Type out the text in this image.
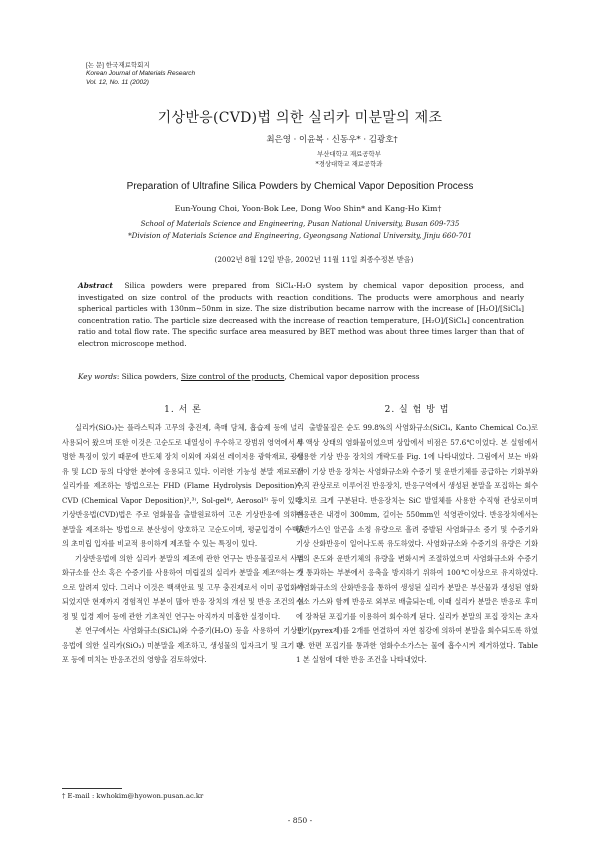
[논 문] 한국재료학회지
Korean Journal of Materials Research
Vol. 12, No. 11 (2002)
기상반응(CVD)법 의한 실리카 미분말의 제조
최은영 · 이윤복 · 신동우* · 김광호†
부산대학교 재료공학부
*경상대학교 재료공학과
Preparation of Ultrafine Silica Powders by Chemical Vapor Deposition Process
Eun-Young Choi, Yoon-Bok Lee, Dong Woo Shin* and Kang-Ho Kim†
School of Materials Science and Engineering, Pusan National University, Busan 609-735
*Division of Materials Science and Engineering, Gyeongsang National University, Jinju 660-701
(2002년 8월 12일 받음, 2002년 11월 11일 최종수정본 받음)
Abstract Silica powders were prepared from SiCl₄-H₂O system by chemical vapor deposition process, and investigated on size control of the products with reaction conditions. The products were amorphous and nearly spherical particles with 130nm∼50nm in size. The size distribution became narrow with the increase of [H₂O]/[SiCl₄] concentration ratio. The particle size decreased with the increase of reaction temperature, [H₂O]/[SiCl₄] concentration ratio and total flow rate. The specific surface area measured by BET method was about three times larger than that of electron microscope method.
Key words: Silica powders, Size control of the products, Chemical vapor deposition process
1. 서 론	2. 실 험 방 법

실리카(SiO₂)는 플라스틱과 고무의 충진제, 촉매 담체, 흡습제 등에 널리 사용되어 왔으며 또한 이것은 고순도로 내열성이 우수하고 장범위 영역에서 투명한 특징이 있기 때문에 반도체 장치 이외에 자외선 레이저용 광학재료, 광섬유 및 LCD 등의 다양한 분야에 응용되고 있다. 이러한 기능성 분말 재료로서 실리카를 제조하는 방법으로는 FHD (Flame Hydrolysis Deposition)¹⁾, CVD (Chemical Vapor Deposition)²,³⁾, Sol-gel⁴⁾, Aerosol⁵⁾ 등이 있다. 기상반응법(CVD)법은 주로 염화물을 출발원료하여 고온 기상반응에 의하여 분말을 제조하는 방법으로 분산성이 양호하고 고순도이며, 평균입경이 수백Å의 초미립 입자를 비교적 용이하게 제조할 수 있는 특징이 있다.

기상반응법에 의한 실리카 분말의 제조에 관한 연구는 반응물질로서 사염화규소를 산소 혹은 수증기를 사용하여 미립질의 실리카 분말을 제조⁶⁾하는 것으로 알려져 있다. 그러나 이것은 백색안료 및 고무 충진제로서 이미 공업화가 되었지만 현재까지 경험적인 부분이 많아 반응 장치의 개선 및 반응 조건의 설정 및 입경 제어 등에 관한 기초적인 연구는 아직까지 미흡한 실정이다.

본 연구에서는 사염화규소(SiCl₄)와 수증기(H₂O) 등을 사용하여 기상반응법에 의한 실리카(SiO₂) 미분말을 제조하고, 생성물의 입자크기 및 크기 분포 등에 미치는 반응조건의 영향을 검토하였다.

출발물질은 순도 99.8%의 사염화규소(SiCl₄, Kanto Chemical Co.)로서 액상 상태의 염화물이었으며 상압에서 비점은 57.6℃이었다. 본 실험에서 사용한 기상 반응 장치의 개략도를 Fig. 1에 나타내었다. 그림에서 보는 바와 같이 기상 반응 장치는 사염화규소와 수증기 및 운반기체를 공급하는 기화부와 수직 관상로로 이루어진 반응장치, 반응구역에서 생성된 분말을 포집하는 회수장치로 크게 구분된다. 반응장치는 SiC 발열체를 사용한 수직형 관상로이며 반응관은 내경이 300mm, 길이는 550mm인 석영관이었다. 반응장치에서는 운반가스인 알곤을 소정 유량으로 흘려 증발된 사염화규소 증기 및 수증기와 기상 산화반응이 일어나도록 유도하였다. 사염화규소와 수증기의 유량은 기화부의 온도와 운반기체의 유량을 변화시켜 조절하였으며 사염화규소와 수증기가 통과하는 부분에서 응축을 방지하기 위하여 100℃이상으로 유지하였다. 사염화규소의 산화반응을 통하여 생성된 실리카 분말은 부산물과 생성된 염화수소 가스와 함께 반응로 외부로 배출되는데, 이때 실리카 분말은 반응로 후미에 장착된 포집기를 이용하여 회수하게 된다. 실리카 분말의 포집 장치는 초자용기(pyrex제)를 2개를 연결하여 자연 침강에 의하여 분말을 회수되도록 하였다. 한편 포집기를 통과한 염화수소가스는 물에 흡수시켜 제거하였다. Table 1 본 실험에 대한 반응 조건을 나타내었다.

† E-mail : kwhokim@hyowon.pusan.ac.kr
- 850 -
